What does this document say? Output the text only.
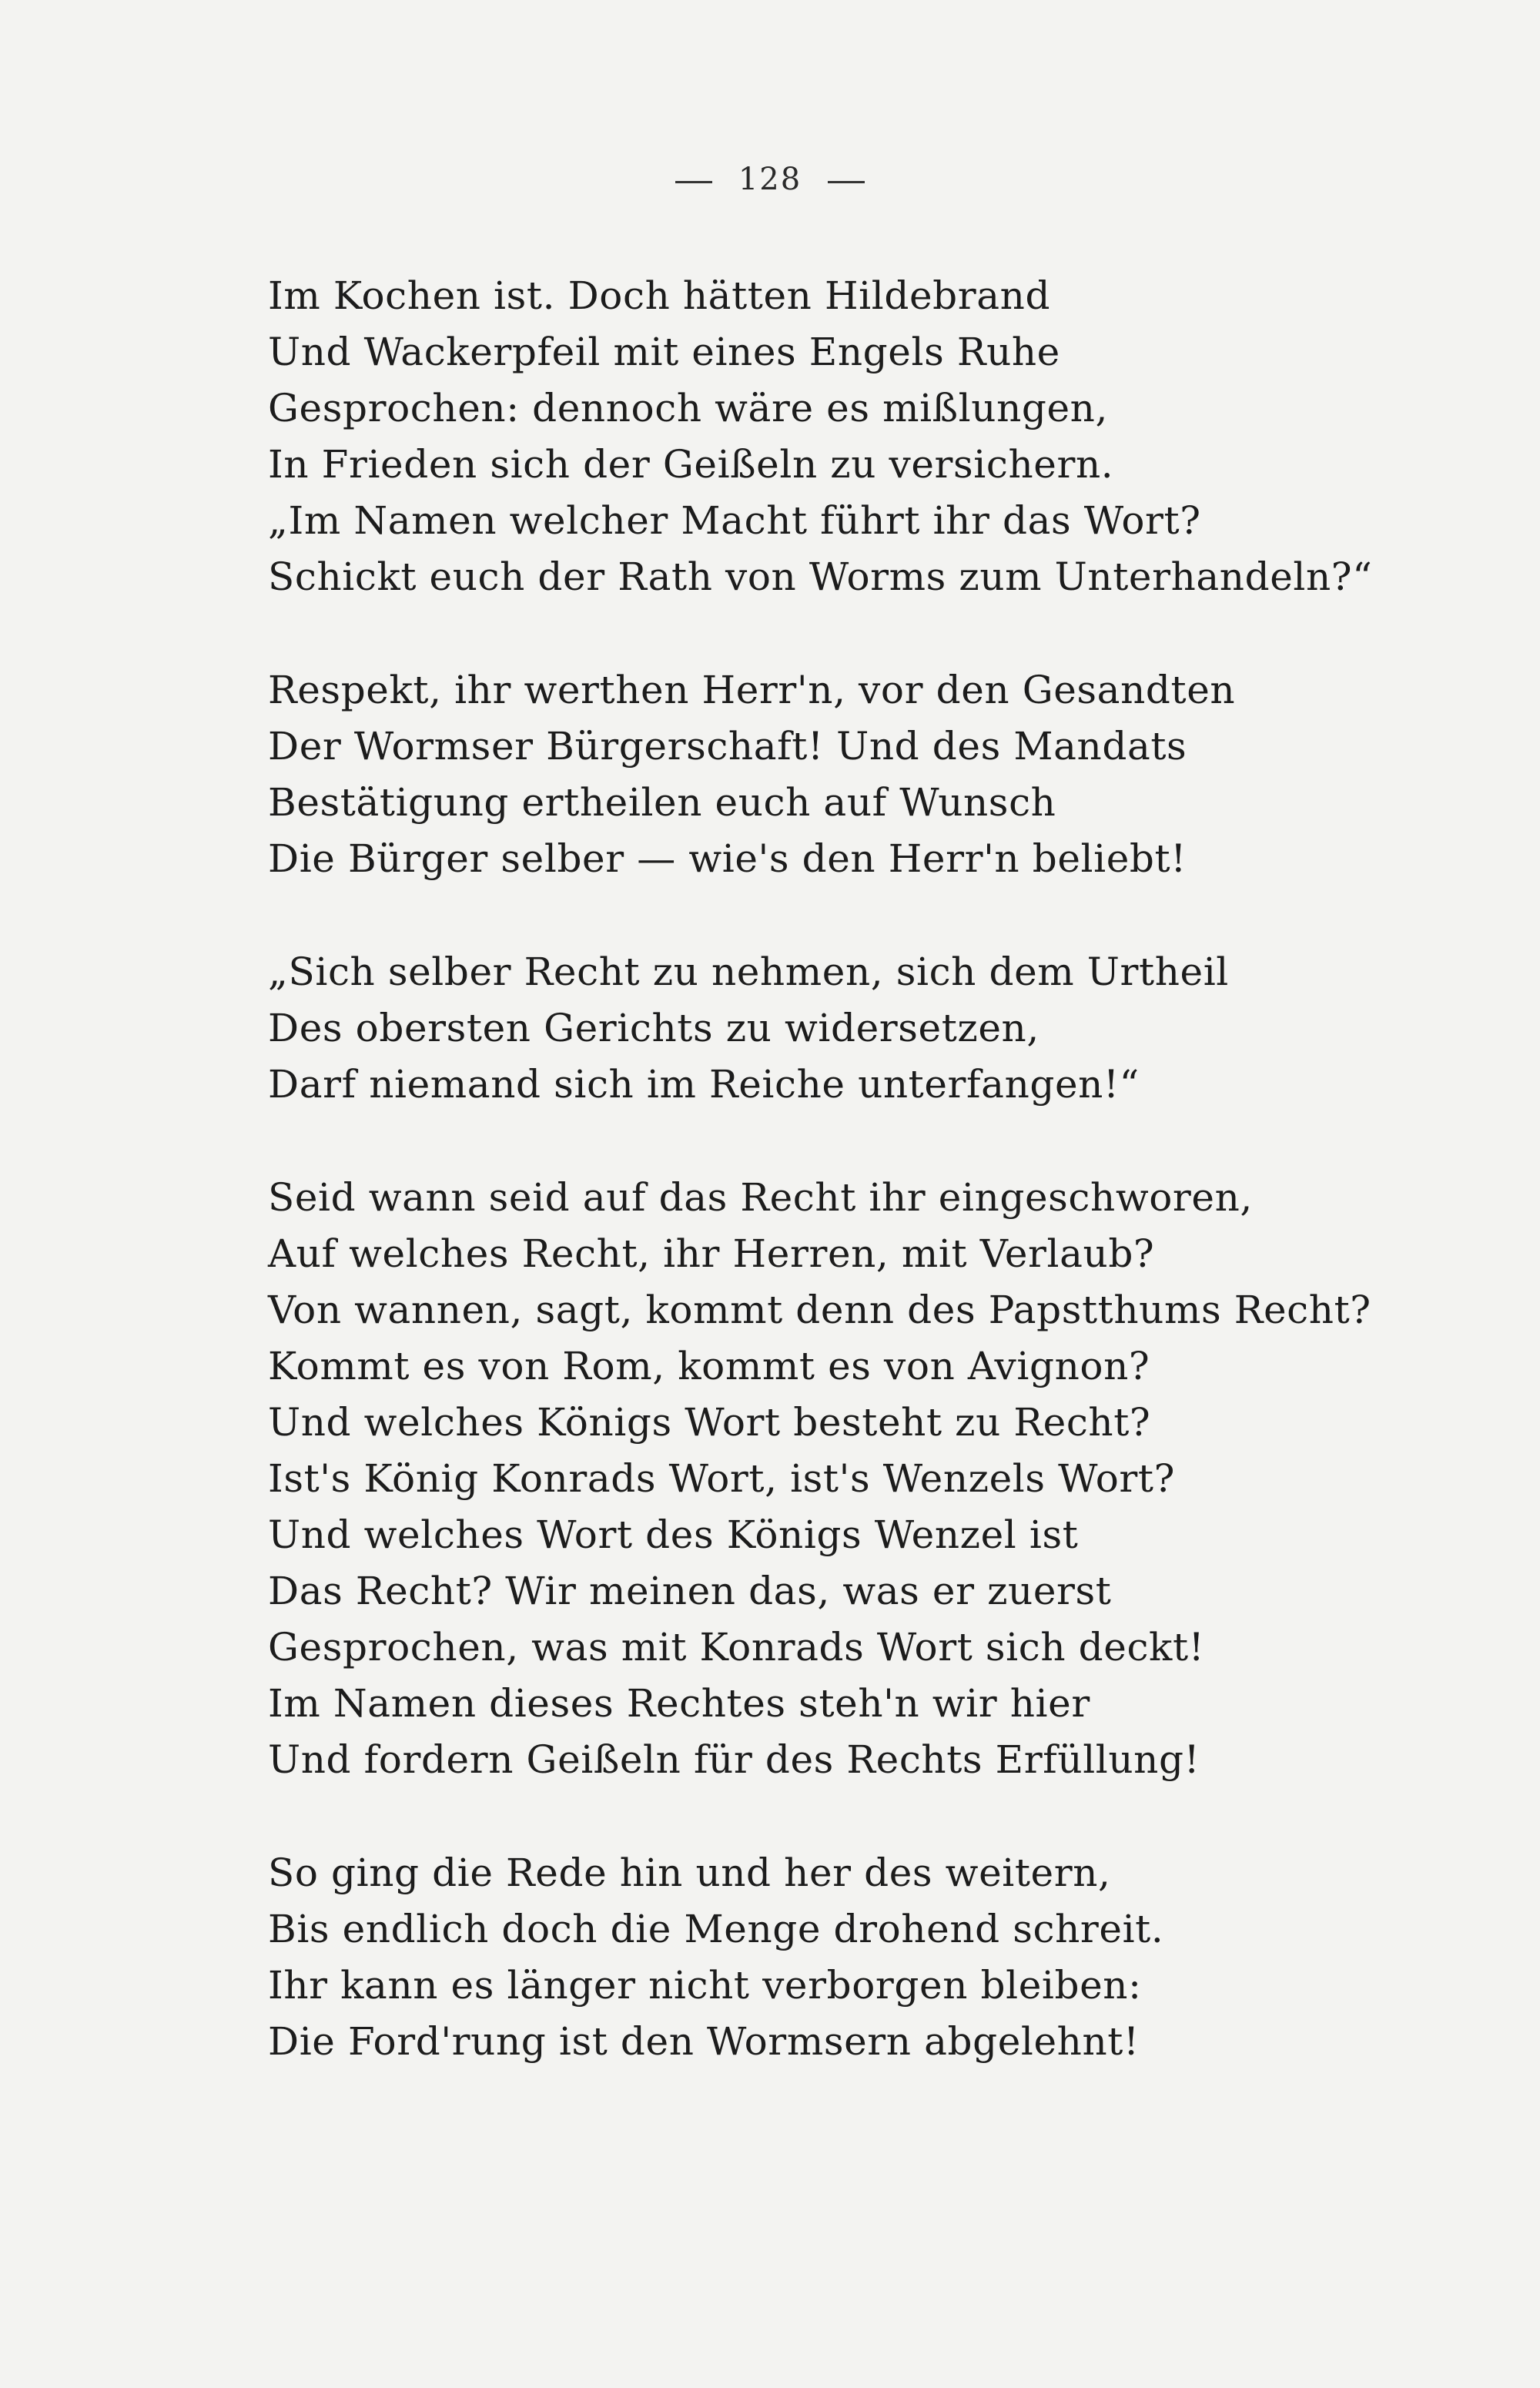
128
Im Kochen ist. Doch hätten Hildebrand
Und Wackerpfeil mit eines Engels Ruhe
Gesprochen: dennoch wäre es mißlungen,
In Frieden sich der Geißeln zu versichern.
„Im Namen welcher Macht führt ihr das Wort?
Schickt euch der Rath von Worms zum Unterhandeln?“
Respekt, ihr werthen Herr'n, vor den Gesandten
Der Wormser Bürgerschaft! Und des Mandats
Bestätigung ertheilen euch auf Wunsch
Die Bürger selber — wie's den Herr'n beliebt!
„Sich selber Recht zu nehmen, sich dem Urtheil
Des obersten Gerichts zu widersetzen,
Darf niemand sich im Reiche unterfangen!“
Seid wann seid auf das Recht ihr eingeschworen,
Auf welches Recht, ihr Herren, mit Verlaub?
Von wannen, sagt, kommt denn des Papstthums Recht?
Kommt es von Rom, kommt es von Avignon?
Und welches Königs Wort besteht zu Recht?
Ist's König Konrads Wort, ist's Wenzels Wort?
Und welches Wort des Königs Wenzel ist
Das Recht? Wir meinen das, was er zuerst
Gesprochen, was mit Konrads Wort sich deckt!
Im Namen dieses Rechtes steh'n wir hier
Und fordern Geißeln für des Rechts Erfüllung!
So ging die Rede hin und her des weitern,
Bis endlich doch die Menge drohend schreit.
Ihr kann es länger nicht verborgen bleiben:
Die Ford'rung ist den Wormsern abgelehnt!
